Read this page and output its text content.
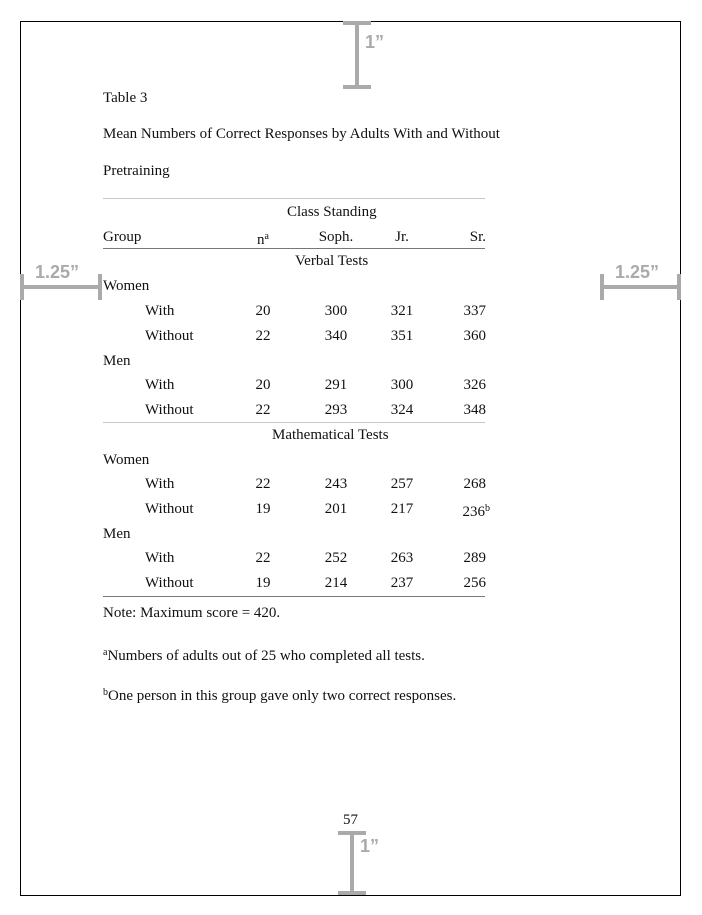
1”
1.25”	1.25”
1”
Table 3
Mean Numbers of Correct Responses by Adults With and Without
Pretraining
Class Standing
Group	$n^a$	Soph.	Jr.	Sr.
Verbal Tests
Women
With	20	300	321	337
Without	22	340	351	360
Men
With	20	291	300	326
Without	22	293	324	348
Mathematical Tests
Women
With	22	243	257	268
Without	19	201	217	236$^b$
Men
With	22	252	263	289
Without	19	214	237	256
Note: Maximum score = 420.
$^a$Numbers of adults out of 25 who completed all tests.
$^b$One person in this group gave only two correct responses.
57
